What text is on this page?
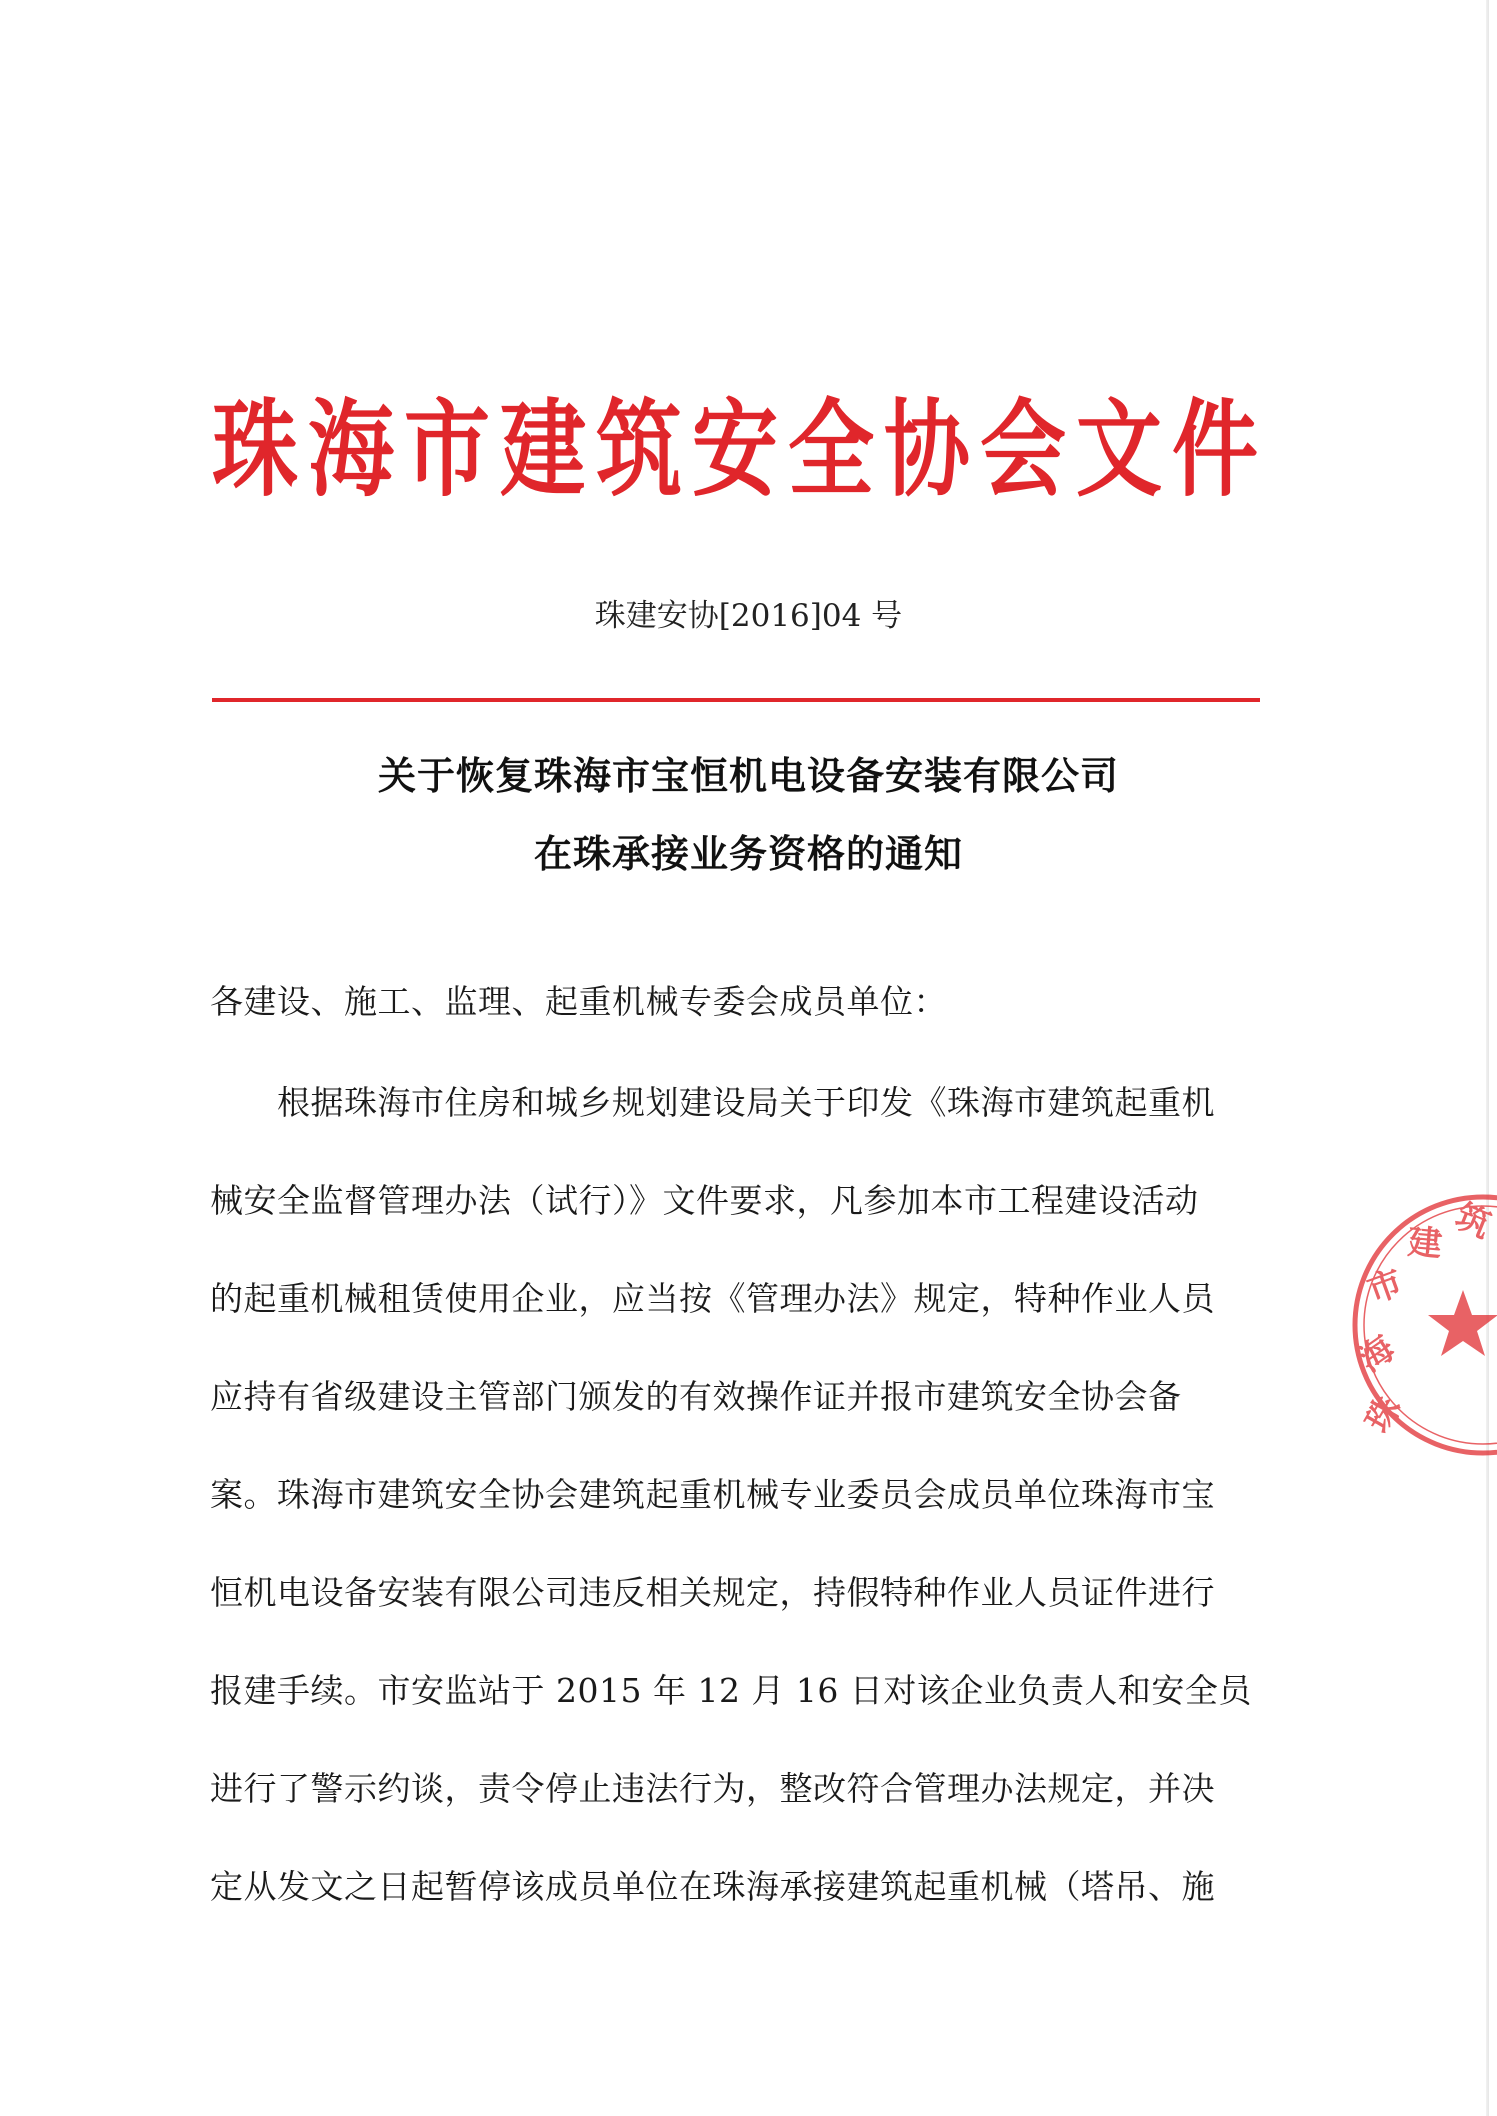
珠海市建筑安全协会文件
珠建安协[2016]04 号
关于恢复珠海市宝恒机电设备安装有限公司
在珠承接业务资格的通知
各建设、施工、监理、起重机械专委会成员单位：
　　根据珠海市住房和城乡规划建设局关于印发《珠海市建筑起重机
械安全监督管理办法（试行）》文件要求，凡参加本市工程建设活动
的起重机械租赁使用企业，应当按《管理办法》规定，特种作业人员
应持有省级建设主管部门颁发的有效操作证并报市建筑安全协会备
案。珠海市建筑安全协会建筑起重机械专业委员会成员单位珠海市宝
恒机电设备安装有限公司违反相关规定，持假特种作业人员证件进行
报建手续。市安监站于 2015 年 12 月 16 日对该企业负责人和安全员
进行了警示约谈，责令停止违法行为，整改符合管理办法规定，并决
定从发文之日起暂停该成员单位在珠海承接建筑起重机械（塔吊、施
珠
海
市
建 筑
